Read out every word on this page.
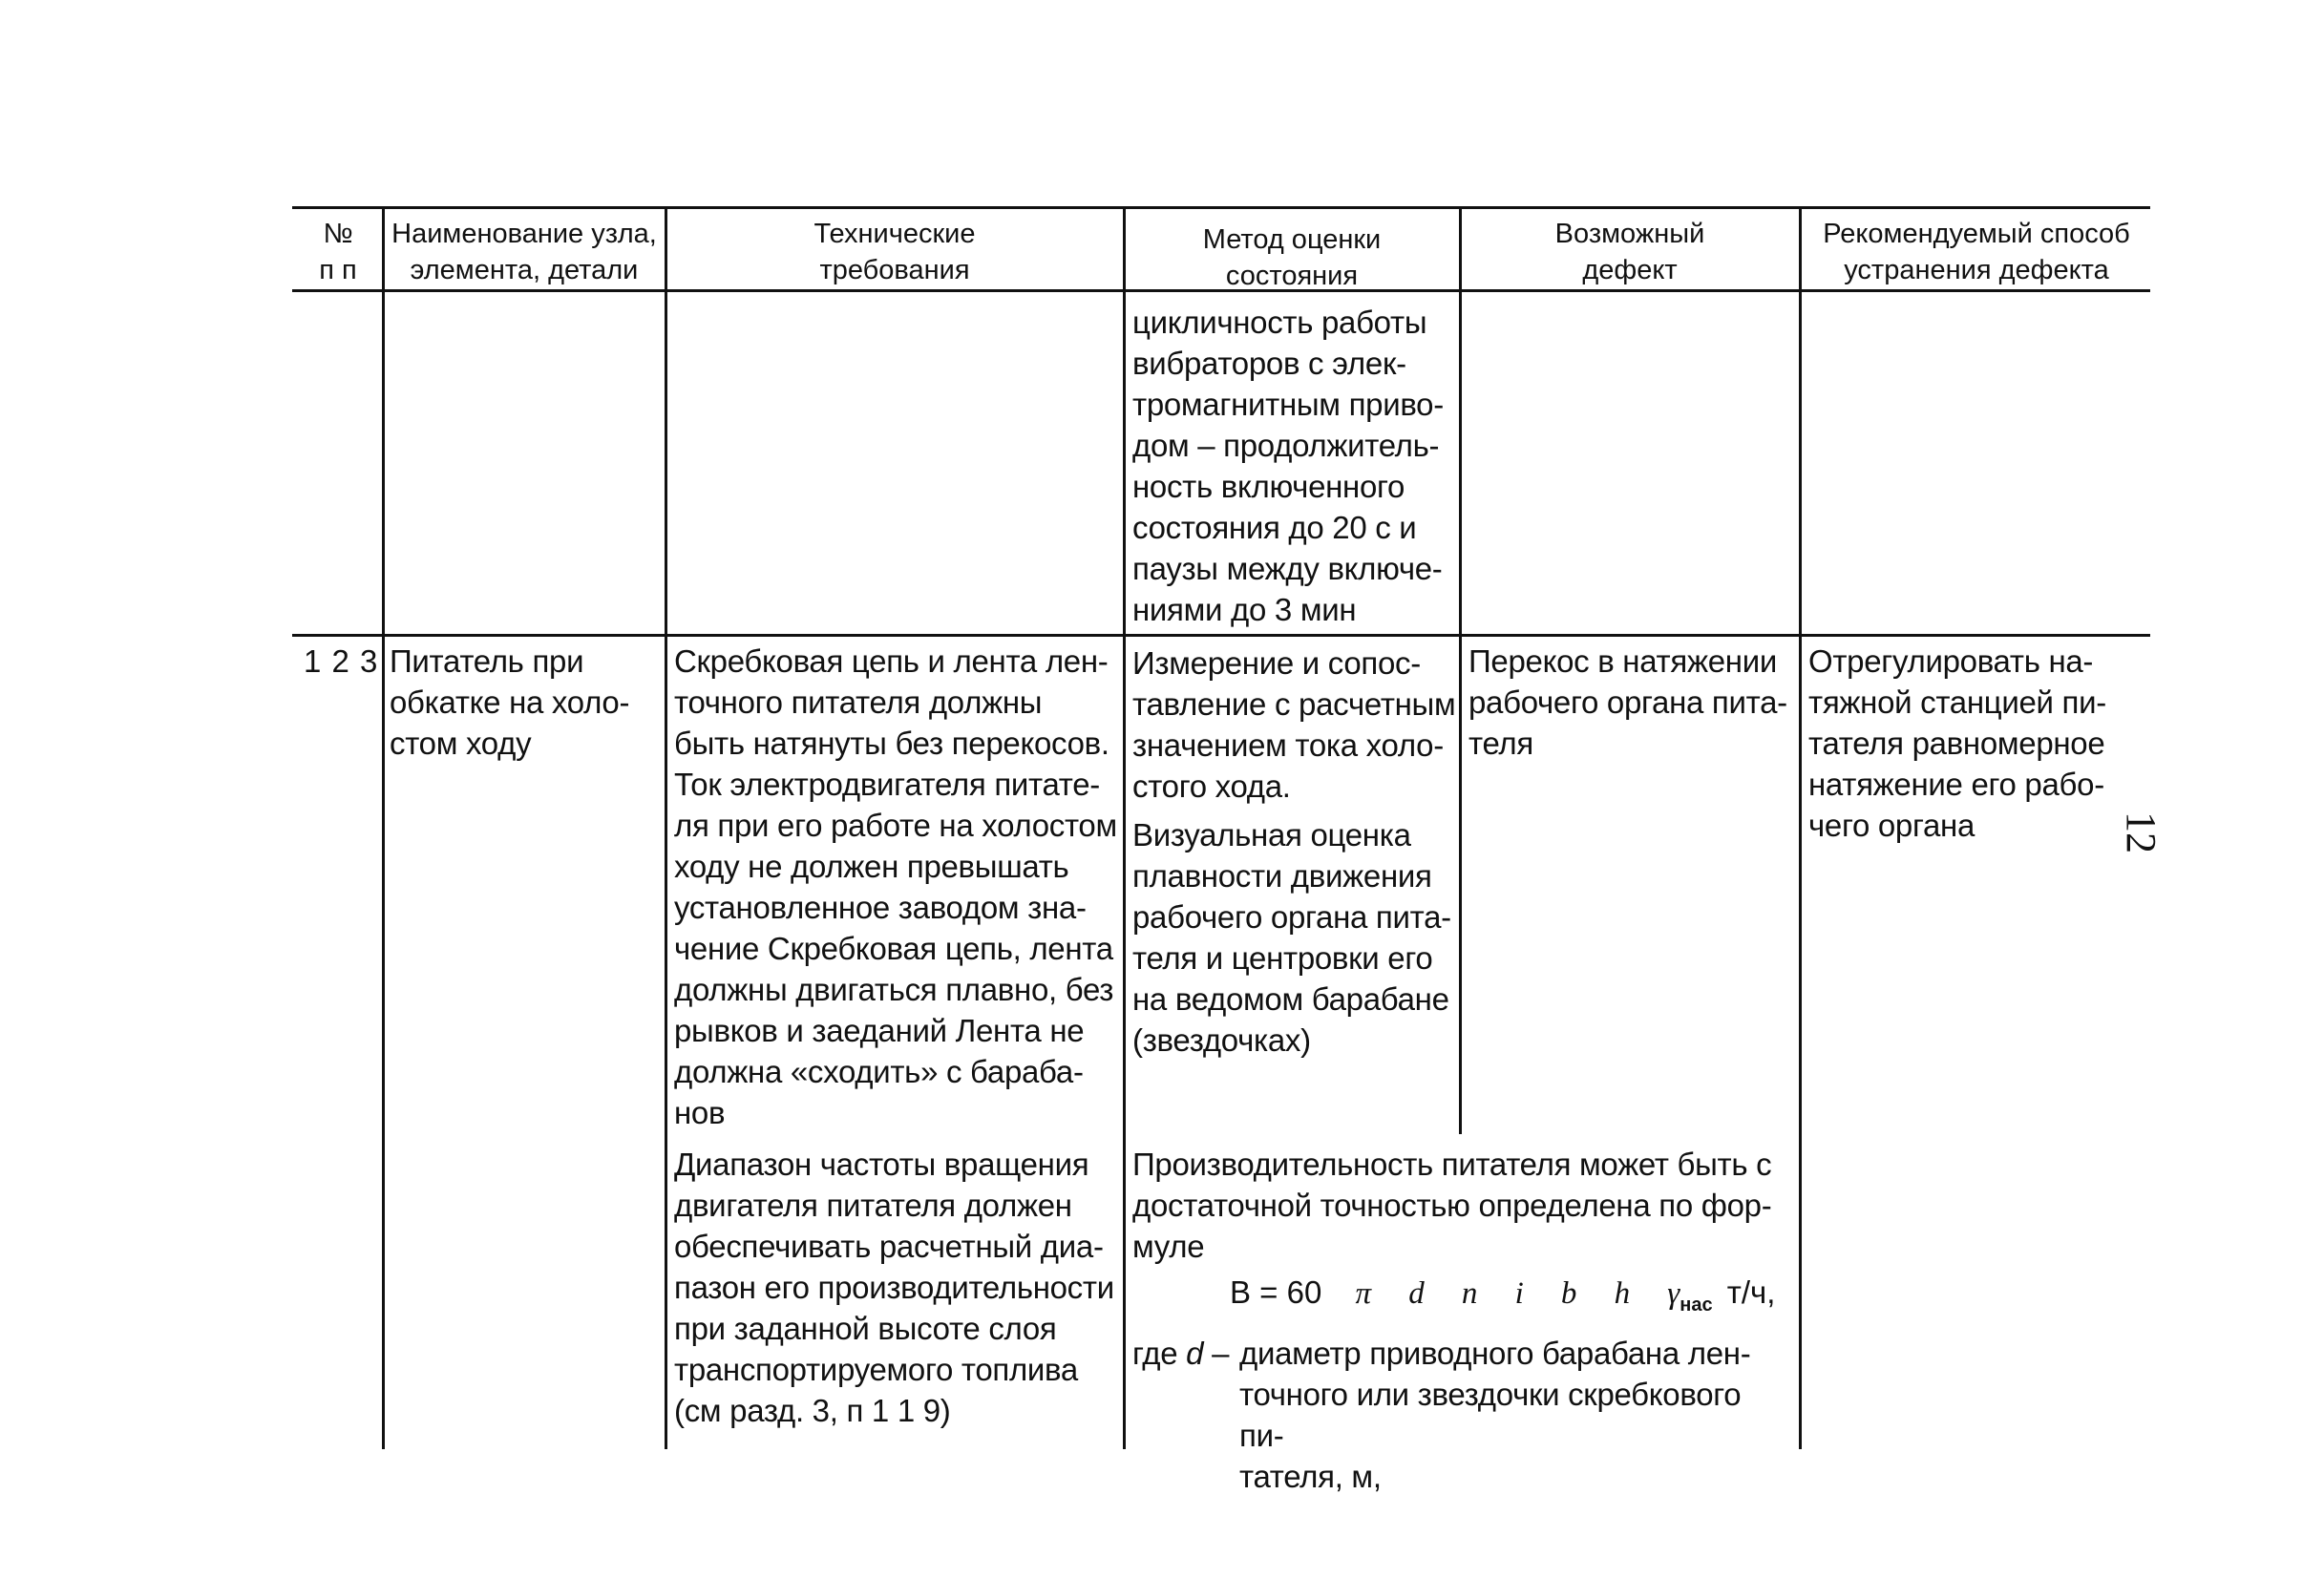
№
п п
Наименование узла,
элемента, детали
Технические
требования
Метод оценки
состояния
Возможный
дефект
Рекомендуемый способ
устранения дефекта
цикличность работы
вибраторов с элек-
тромагнитным приво-
дом – продолжитель-
ность включенного
состояния до 20 с и
паузы между включе-
ниями до 3 мин
1 2 3 Питатель при
обкатке на холо-
стом ходу
Скребковая цепь и лента лен-
точного питателя должны
быть натянуты без перекосов.
Ток электродвигателя питате-
ля при его работе на холостом
ходу не должен превышать
установленное заводом зна-
чение Скребковая цепь, лента
должны двигаться плавно, без
рывков и заеданий Лента не
должна «сходить» с бараба-
нов
Измерение и сопос-
тавление с расчетным
значением тока холо-
стого хода.
Визуальная оценка
плавности движения
рабочего органа пита-
теля и центровки его
на ведомом барабане
(звездочках)
Перекос в натяжении
рабочего органа пита-
теля
Отрегулировать на-
тяжной станцией пи-
тателя равномерное
натяжение его рабо-
чего органа
Диапазон частоты вращения
двигателя питателя должен
обеспечивать расчетный диа-
пазон его производительности
при заданной высоте слоя
транспортируемого топлива
(см разд. 3, п 1 1 9)
Производительность питателя может быть с
достаточной точностью определена по фор-
муле
B = 60 π d n i b h $\gamma_{нас}$ т/ч,
где d – диаметр приводного барабана лен-
точного или звездочки скребкового пи-
тателя, м,
12
